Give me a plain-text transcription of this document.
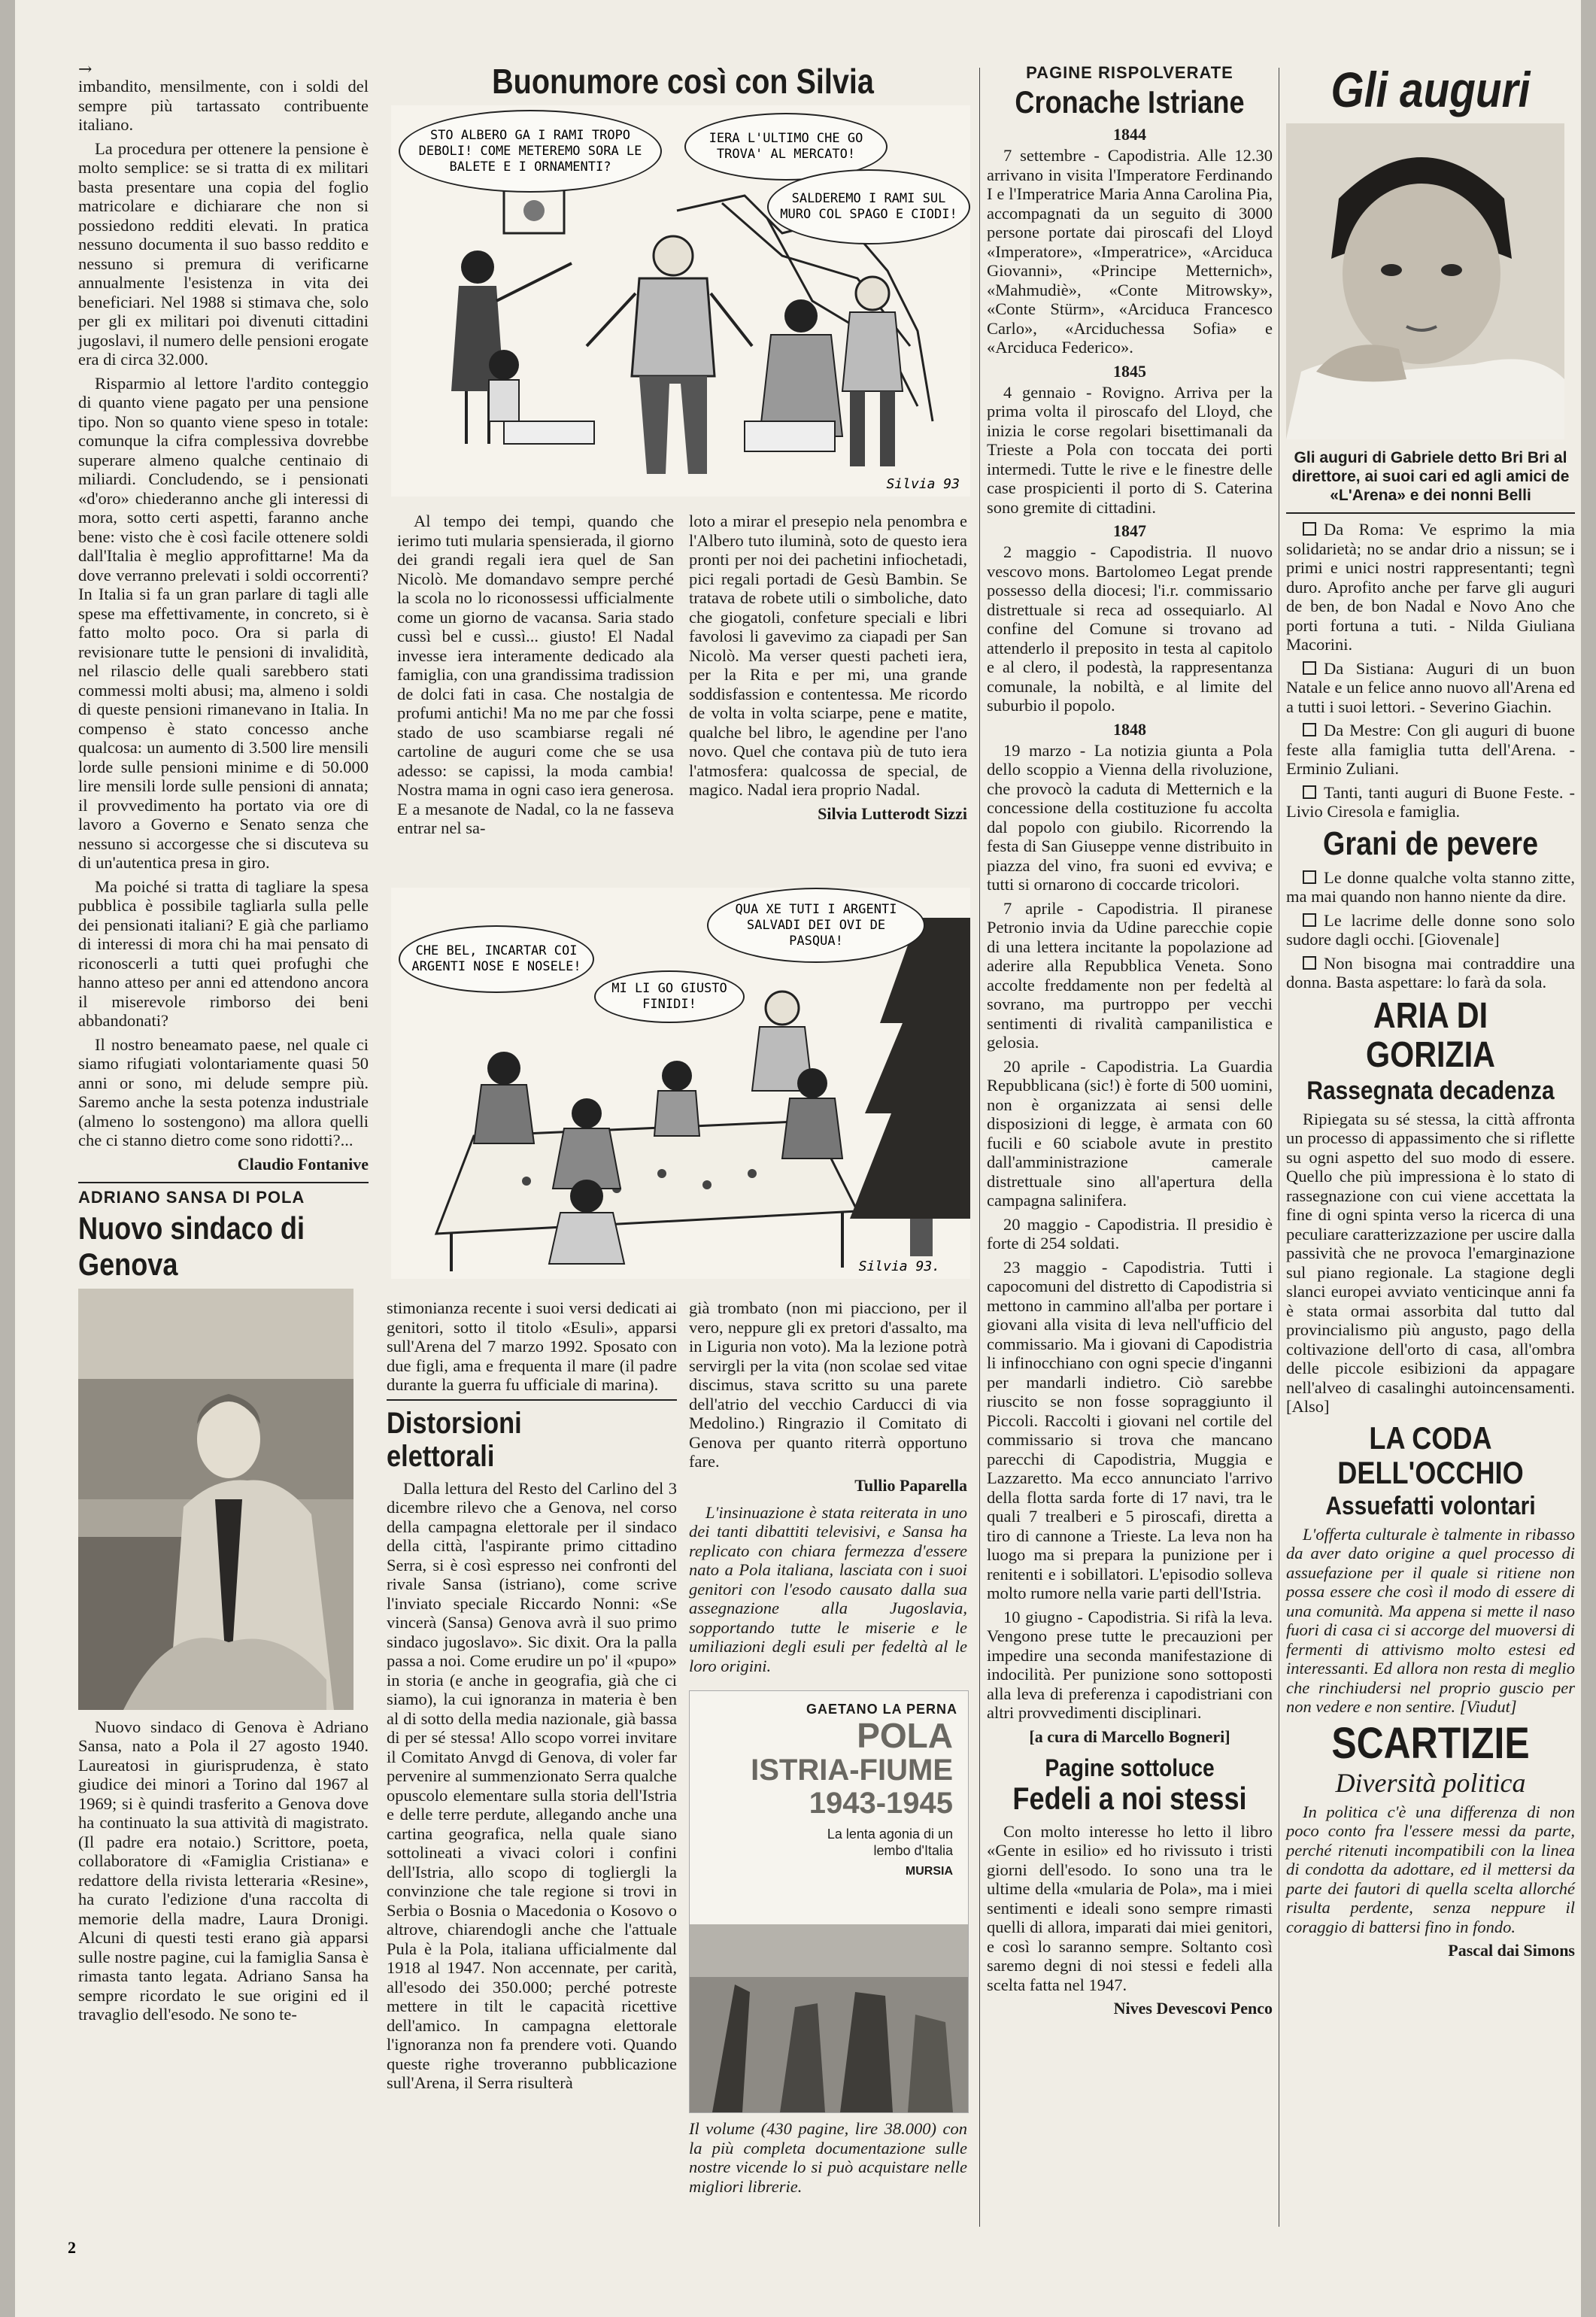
→

imbandito, mensilmente, con i soldi del sempre più tartassato contribuente italiano.

La procedura per ottenere la pensione è molto semplice: se si tratta di ex militari basta presentare una copia del foglio matricolare e dichiarare che non si possiedono redditi elevati. In pratica nessuno documenta il suo basso reddito e nessuno si premura di verificarne annualmente l'esistenza in vita dei beneficiari. Nel 1988 si stimava che, solo per gli ex militari poi divenuti cittadini jugoslavi, il numero delle pensioni erogate era di circa 32.000.

Risparmio al lettore l'ardito conteggio di quanto viene pagato per una pensione tipo. Non so quanto viene speso in totale: comunque la cifra complessiva dovrebbe superare almeno qualche centinaio di miliardi. Concludendo, se i pensionati «d'oro» chiederanno anche gli interessi di mora, sotto certi aspetti, faranno anche bene: visto che è così facile ottenere soldi dall'Italia è meglio approfittarne! Ma da dove verranno prelevati i soldi occorrenti? In Italia si fa un gran parlare di tagli alle spese ma effettivamente, in concreto, si è fatto molto poco. Ora si parla di revisionare tutte le pensioni di invalidità, nel rilascio delle quali sarebbero stati commessi molti abusi; ma, almeno i soldi di queste pensioni rimanevano in Italia. In compenso è stato concesso anche qualcosa: un aumento di 3.500 lire mensili lorde sulle pensioni minime e di 50.000 lire mensili lorde sulle pensioni di annata; il provvedimento ha portato via ore di lavoro a Governo e Senato senza che nessuno si accorgesse che si discuteva su di un'autentica presa in giro.

Ma poiché si tratta di tagliare la spesa pubblica è possibile tagliarla sulla pelle dei pensionati italiani? E già che parliamo di interessi di mora chi ha mai pensato di riconoscerli a tutti quei profughi che hanno atteso per anni ed attendono ancora il miserevole rimborso dei beni abbandonati?

Il nostro beneamato paese, nel quale ci siamo rifugiati volontariamente quasi 50 anni or sono, mi delude sempre più. Saremo anche la sesta potenza industriale (almeno lo sostengono) ma allora quelli che ci stanno dietro come sono ridotti?...

Claudio Fontanive
ADRIANO SANSA DI POLA
Nuovo sindaco di Genova

Nuovo sindaco di Genova è Adriano Sansa, nato a Pola il 27 agosto 1940. Laureatosi in giurisprudenza, è stato giudice dei minori a Torino dal 1967 al 1969; si è quindi trasferito a Genova dove ha continuato la sua attività di magistrato. (Il padre era notaio.) Scrittore, poeta, collaboratore di «Famiglia Cristiana» e redattore della rivista letteraria «Resine», ha curato l'edizione d'una raccolta di memorie della madre, Laura Dronigi. Alcuni di questi testi erano già apparsi sulle nostre pagine, cui la famiglia Sansa è rimasta tanto legata. Adriano Sansa ha sempre ricordato le sue origini ed il travaglio dell'esodo. Ne sono te-

Buonumore così con Silvia
STO ALBERO GA I RAMI TROPO DEBOLI! COME METEREMO SORA LE BALETE E I ORNAMENTI?
IERA L'ULTIMO CHE GO TROVA' AL MERCATO!
SALDEREMO I RAMI SUL MURO COL SPAGO E CIODI!
Silvia 93

Al tempo dei tempi, quando che ierimo tuti mularia spensierada, il giorno dei grandi regali iera quel de San Nicolò. Me domandavo sempre perché la scola no lo riconossessi ufficialmente come un giorno de vacansa. Saria stado cussì bel e cussì... giusto! El Nadal invesse iera interamente dedicado ala famiglia, con una grandissima tradission de dolci fati in casa. Che nostalgia de profumi antichi! Ma no me par che fossi stado de uso scambiarse regali né cartoline de auguri come che se usa adesso: se capissi, la moda cambia! Nostra mama in ogni caso iera generosa. E a mesanote de Nadal, co la ne fasseva entrar nel sa-

loto a mirar el presepio nela penombra e l'Albero tuto iluminà, soto de questo iera pronti per noi dei pachetini infiochetadi, pici regali portadi de Gesù Bambin. Se tratava de robete utili o simboliche, dato che giogatoli, confeture speciali e libri favolosi li gavevimo za ciapadi per San Nicolò. Ma verser questi pacheti iera, per la Rita e per mi, una grande soddisfassion e contentessa. Me ricordo de volta in volta sciarpe, pene e matite, qualche bel libro, le agendine per l'ano novo. Quel che contava più de tuto iera l'atmosfera: qualcossa de special, de magico. Nadal iera proprio Nadal.

Silvia Lutterodt Sizzi
CHE BEL, INCARTAR COI ARGENTI NOSE E NOSELE!
QUA XE TUTI I ARGENTI SALVADI DEI OVI DE PASQUA!
MI LI GO GIUSTO FINIDI!
Silvia 93.

stimonianza recente i suoi versi dedicati ai genitori, sotto il titolo «Esuli», apparsi sull'Arena del 7 marzo 1992. Sposato con due figli, ama e frequenta il mare (il padre durante la guerra fu ufficiale di marina).

Distorsioni elettorali

Dalla lettura del Resto del Carlino del 3 dicembre rilevo che a Genova, nel corso della campagna elettorale per il sindaco della città, l'aspirante primo cittadino Serra, si è così espresso nei confronti del rivale Sansa (istriano), come scrive l'inviato speciale Riccardo Nonni: «Se vincerà (Sansa) Genova avrà il suo primo sindaco jugoslavo». Sic dixit. Ora la palla passa a noi. Come erudire un po' il «pupo» in storia (e anche in geografia, già che ci siamo), la cui ignoranza in materia è ben al di sotto della media nazionale, già bassa di per sé stessa! Allo scopo vorrei invitare il Comitato Anvgd di Genova, di voler far pervenire al summenzionato Serra qualche opuscolo elementare sulla storia dell'Istria e delle terre perdute, allegando anche una cartina geografica, nella quale siano sottolineati a vivaci colori i confini dell'Istria, allo scopo di togliergli la convinzione che tale regione si trovi in Serbia o Bosnia o Macedonia o Kosovo o altrove, chiarendogli anche che l'attuale Pula è la Pola, italiana ufficialmente dal 1918 al 1947. Non accennate, per carità, all'esodo dei 350.000; perché potreste mettere in tilt le capacità ricettive dell'amico. In campagna elettorale l'ignoranza non fa prendere voti. Quando queste righe troveranno pubblicazione sull'Arena, il Serra risulterà

già trombato (non mi piacciono, per il vero, neppure gli ex pretori d'assalto, ma in Liguria non voto). Ma la lezione potrà servirgli per la vita (non scolae sed vitae discimus, stava scritto su una parete dell'atrio del vecchio Carducci di via Medolino.) Ringrazio il Comitato di Genova per quanto riterrà opportuno fare.

Tullio Paparella

L'insinuazione è stata reiterata in uno dei tanti dibattiti televisivi, e Sansa ha replicato con chiara fermezza d'essere nato a Pola italiana, lasciata con i suoi genitori con l'esodo causato dalla sua assegnazione alla Jugoslavia, sopportando tutte le miserie e le umiliazioni degli esuli per fedeltà al le loro origini.

GAETANO LA PERNA
POLA
ISTRIA-FIUME
1943-1945
La lenta agonia di un lembo d'Italia
MURSIA

Il volume (430 pagine, lire 38.000) con la più completa documentazione sulle nostre vicende lo si può acquistare nelle migliori librerie.

PAGINE RISPOLVERATE
Cronache Istriane
1844

7 settembre - Capodistria. Alle 12.30 arrivano in visita l'Imperatore Ferdinando I e l'Imperatrice Maria Anna Carolina Pia, accompagnati da un seguito di 3000 persone portate dai piroscafi del Lloyd «Imperatore», «Imperatrice», «Arciduca Giovanni», «Principe Metternich», «Mahmudiè», «Conte Mitrowsky», «Conte Stürm», «Arciduca Francesco Carlo», «Arciduchessa Sofia» e «Arciduca Federico».

1845

4 gennaio - Rovigno. Arriva per la prima volta il piroscafo del Lloyd, che inizia le corse regolari bisettimanali da Trieste a Pola con toccata dei porti intermedi. Tutte le rive e le finestre delle case prospicienti il porto di S. Caterina sono gremite di cittadini.

1847

2 maggio - Capodistria. Il nuovo vescovo mons. Bartolomeo Legat prende possesso della diocesi; l'i.r. commissario distrettuale si reca ad ossequiarlo. Al confine del Comune si trovano ad attenderlo il preposito in testa al capitolo e al clero, il podestà, la rappresentanza comunale, la nobiltà, e al limite del suburbio il popolo.

1848

19 marzo - La notizia giunta a Pola dello scoppio a Vienna della rivoluzione, che provocò la caduta di Metternich e la concessione della costituzione fu accolta dal popolo con giubilo. Ricorrendo la festa di San Giuseppe venne distribuito in piazza del vino, fra suoni ed evviva; e tutti si ornarono di coccarde tricolori.

7 aprile - Capodistria. Il piranese Petronio invia da Udine parecchie copie di una lettera incitante la popolazione ad aderire alla Repubblica Veneta. Sono accolte freddamente non per fedeltà al sovrano, ma purtroppo per vecchi sentimenti di rivalità campanilistica e gelosia.

20 aprile - Capodistria. La Guardia Repubblicana (sic!) è forte di 500 uomini, non è organizzata ai sensi delle disposizioni di legge, è armata con 60 fucili e 60 sciabole avute in prestito dall'amministrazione camerale distrettuale sino all'apertura della campagna salinifera.

20 maggio - Capodistria. Il presidio è forte di 254 soldati.

23 maggio - Capodistria. Tutti i capocomuni del distretto di Capodistria si mettono in cammino all'alba per portare i giovani alla visita di leva nell'ufficio del commissario. Ma i giovani di Capodistria li infinocchiano con ogni specie d'inganni per mandarli indietro. Ciò sarebbe riuscito se non fosse sopraggiunto il Piccoli. Raccolti i giovani nel cortile del commissario si trova che mancano parecchi di Capodistria, Muggia e Lazzaretto. Ma ecco annunciato l'arrivo della flotta sarda forte di 17 navi, tra le quali 7 trealberi e 5 piroscafi, diretta a tiro di cannone a Trieste. La leva non ha luogo ma si prepara la punizione per i renitenti e i sobillatori. L'episodio solleva molto rumore nella varie parti dell'Istria.

10 giugno - Capodistria. Si rifà la leva. Vengono prese tutte le precauzioni per impedire una seconda manifestazione di indocilità. Per punizione sono sottoposti alla leva di preferenza i capodistriani con altri provvedimenti disciplinari.

[a cura di Marcello Bogneri]
Pagine sottoluce
Fedeli a noi stessi

Con molto interesse ho letto il libro «Gente in esilio» ed ho rivissuto i tristi giorni dell'esodo. Io sono una tra le ultime della «mularia de Pola», ma i miei sentimenti e ideali sono sempre rimasti quelli di allora, imparati dai miei genitori, e così lo saranno sempre. Soltanto così saremo degni di noi stessi e fedeli alla scelta fatta nel 1947.

Nives Devescovi Penco
Gli auguri
Gli auguri di Gabriele detto Bri Bri al direttore, ai suoi cari ed agli amici de «L'Arena» e dei nonni Belli

Da Roma: Ve esprimo la mia solidarietà; no se andar drio a nissun; se i primi e unici nostri rappresentanti; tegnì duro. Aprofito anche per farve gli auguri de ben, de bon Nadal e Novo Ano che porti fortuna a tuti. - Nilda Giuliana Macorini.

Da Sistiana: Auguri di un buon Natale e un felice anno nuovo all'Arena ed a tutti i suoi lettori. - Severino Giachin.

Da Mestre: Con gli auguri di buone feste alla famiglia tutta dell'Arena. - Erminio Zuliani.

Tanti, tanti auguri di Buone Feste. - Livio Ciresola e famiglia.

Grani de pevere

Le donne qualche volta stanno zitte, ma mai quando non hanno niente da dire.

Le lacrime delle donne sono solo sudore dagli occhi. [Giovenale]

Non bisogna mai contraddire una donna. Basta aspettare: lo farà da sola.

ARIA DI GORIZIA
Rassegnata decadenza

Ripiegata su sé stessa, la città affronta un processo di appassimento che si riflette su ogni aspetto del suo modo di essere. Quello che più impressiona è lo stato di rassegnazione con cui viene accettata la fine di ogni spinta verso la ricerca di una peculiare caratterizzazione per uscire dalla passività che ne provoca l'emarginazione sul piano regionale. La stagione degli slanci europei avviato venticinque anni fa è stata ormai assorbita dal tutto dal provincialismo più angusto, pago della coltivazione dell'orto di casa, all'ombra delle piccole esibizioni da appagare nell'alveo di casalinghi autoincensamenti. [Also]

LA CODA DELL'OCCHIO
Assuefatti volontari

L'offerta culturale è talmente in ribasso da aver dato origine a quel processo di assuefazione per il quale si ritiene non possa essere che così il modo di essere di una comunità. Ma appena si mette il naso fuori di casa ci si accorge del muoversi di fermenti di attivismo molto estesi ed interessanti. Ed allora non resta di meglio che rinchiudersi nel proprio guscio per non vedere e non sentire. [Viudut]

SCARTIZIE
Diversità politica

In politica c'è una differenza di non poco conto fra l'essere messi da parte, perché ritenuti incompatibili con la linea di condotta da adottare, ed il mettersi da parte dei fautori di quella scelta allorché risulta perdente, senza neppure il coraggio di battersi fino in fondo.

Pascal dai Simons
2
